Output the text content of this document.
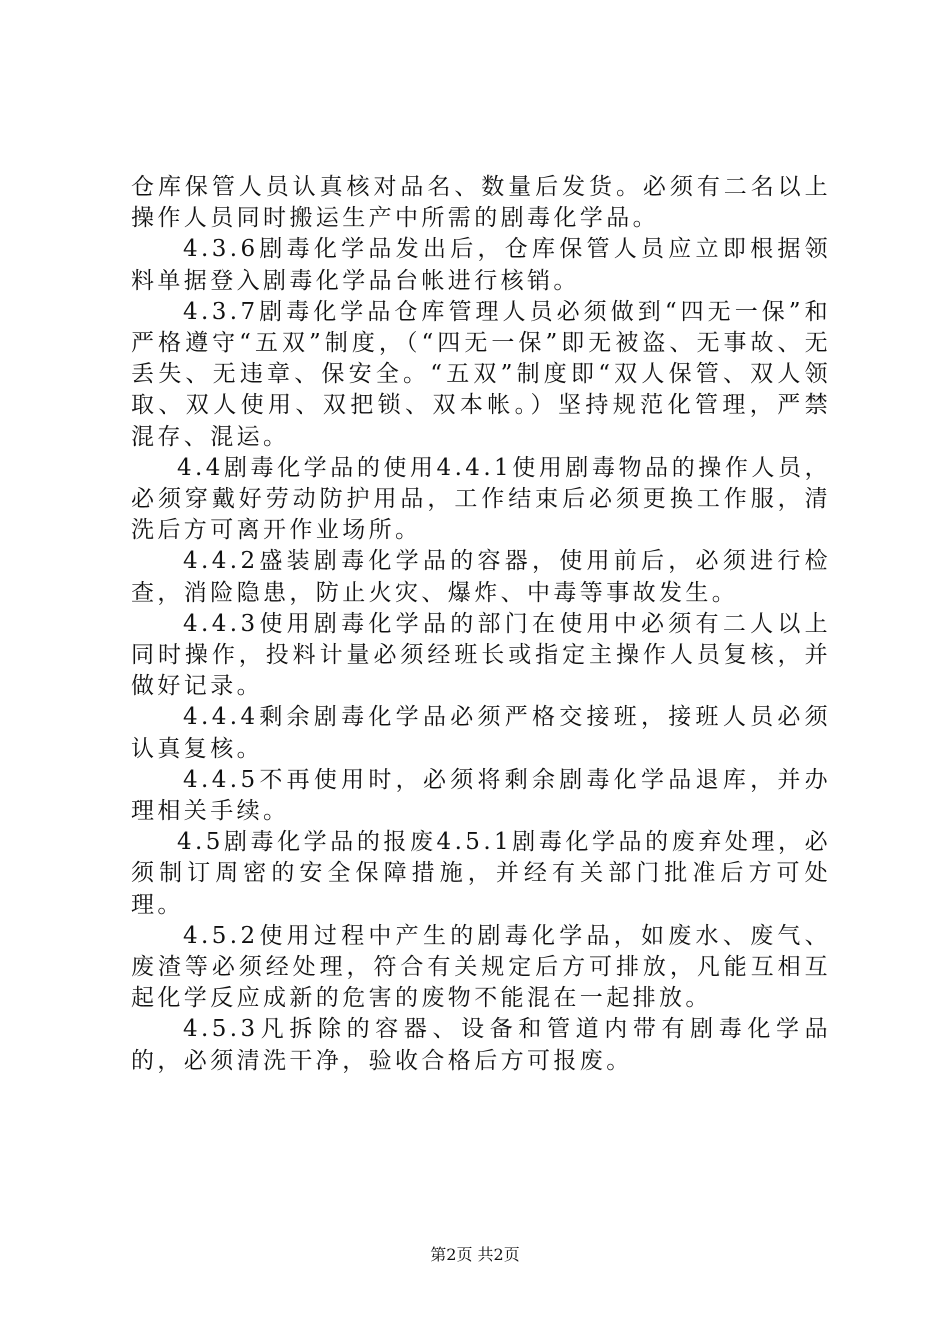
仓库保管人员认真核对品名、数量后发货。必须有二名以上操作人员同时搬运生产中所需的剧毒化学品。

4.3.6剧毒化学品发出后，仓库保管人员应立即根据领料单据登入剧毒化学品台帐进行核销。

4.3.7剧毒化学品仓库管理人员必须做到“四无一保”和严格遵守“五双”制度，（“四无一保”即无被盗、无事故、无丢失、无违章、保安全。“五双”制度即“双人保管、双人领取、双人使用、双把锁、双本帐。）坚持规范化管理，严禁混存、混运。

4.4剧毒化学品的使用4.4.1使用剧毒物品的操作人员，必须穿戴好劳动防护用品，工作结束后必须更换工作服，清洗后方可离开作业场所。

4.4.2盛装剧毒化学品的容器，使用前后，必须进行检查，消险隐患，防止火灾、爆炸、中毒等事故发生。

4.4.3使用剧毒化学品的部门在使用中必须有二人以上同时操作，投料计量必须经班长或指定主操作人员复核，并做好记录。

4.4.4剩余剧毒化学品必须严格交接班，接班人员必须认真复核。

4.4.5不再使用时，必须将剩余剧毒化学品退库，并办理相关手续。

4.5剧毒化学品的报废4.5.1剧毒化学品的废弃处理，必须制订周密的安全保障措施，并经有关部门批准后方可处理。

4.5.2使用过程中产生的剧毒化学品，如废水、废气、废渣等必须经处理，符合有关规定后方可排放，凡能互相互起化学反应成新的危害的废物不能混在一起排放。

4.5.3凡拆除的容器、设备和管道内带有剧毒化学品的，必须清洗干净，验收合格后方可报废。

第2页 共2页
